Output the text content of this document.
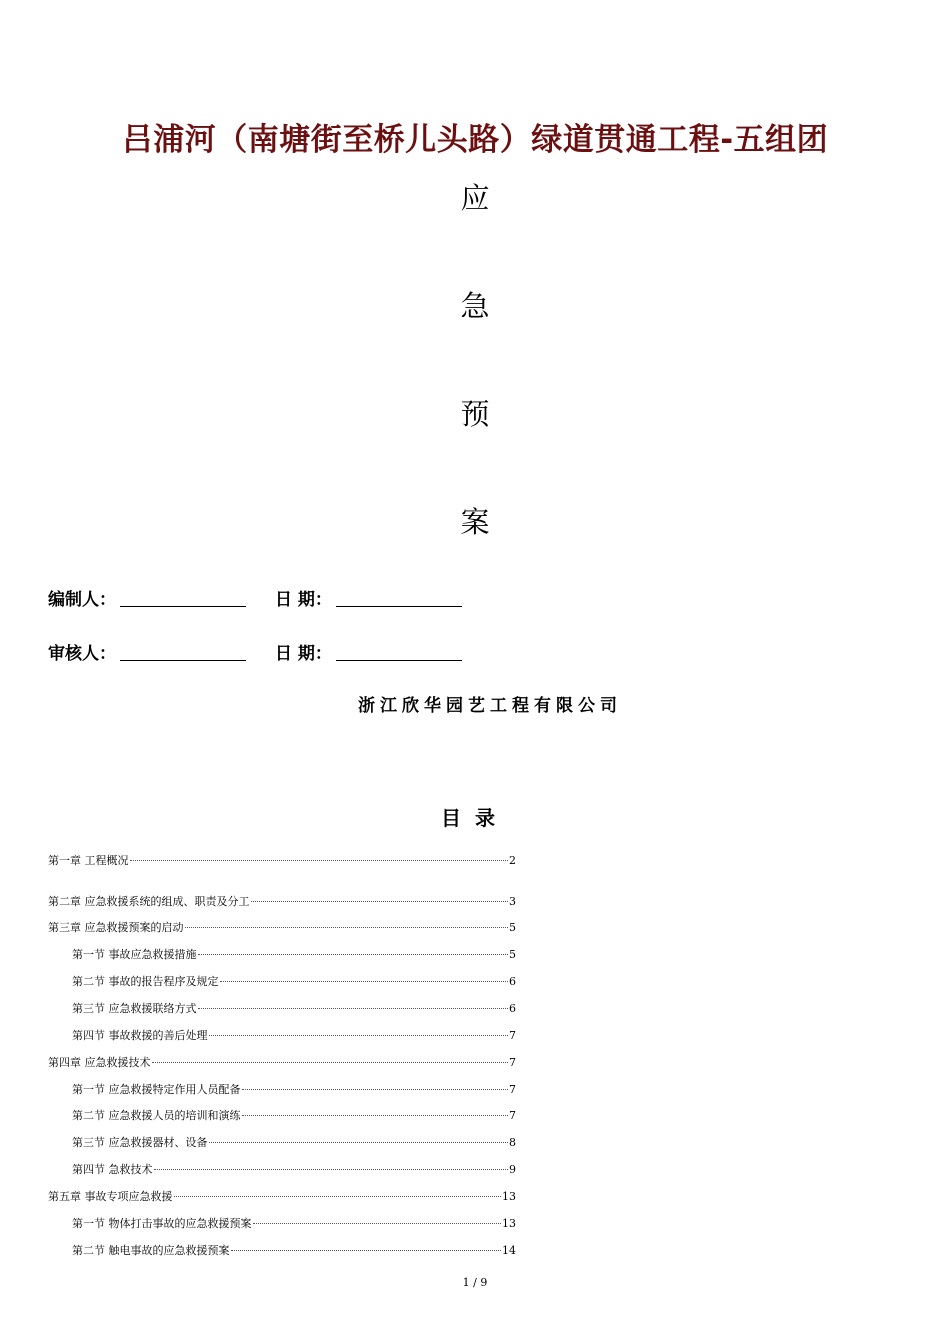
吕浦河（南塘街至桥儿头路）绿道贯通工程-五组团
应
急
预
案
编制人：	日 期：
审核人：	日 期：
浙江欣华园艺工程有限公司
目录
第一章 工程概况	2
第二章 应急救援系统的组成、职责及分工	3
第三章 应急救援预案的启动	5
第一节 事故应急救援措施	5
第二节 事故的报告程序及规定	6
第三节 应急救援联络方式	6
第四节 事故救援的善后处理	7
第四章 应急救援技术	7
第一节 应急救援特定作用人员配备	7
第二节 应急救援人员的培训和演练	7
第三节 应急救援器材、设备	8
第四节 急救技术	9
第五章 事故专项应急救援	13
第一节 物体打击事故的应急救援预案	13
第二节 触电事故的应急救援预案	14
1 / 9
